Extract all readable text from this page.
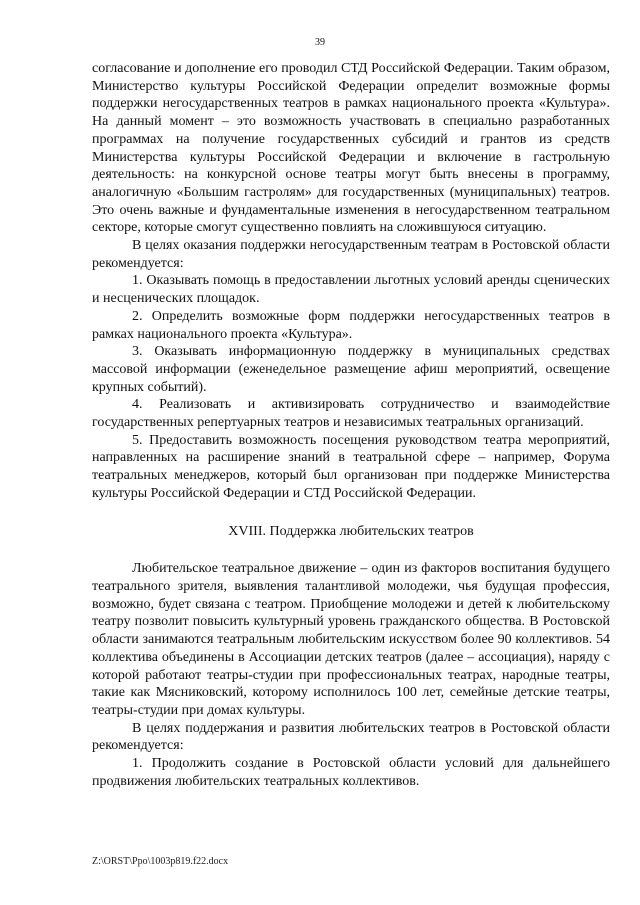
39

согласование и дополнение его проводил СТД Российской Федерации. Таким образом, Министерство культуры Российской Федерации определит возможные формы поддержки негосударственных театров в рамках национального проекта «Культура». На данный момент – это возможность участвовать в специально разработанных программах на получение государственных субсидий и грантов из средств Министерства культуры Российской Федерации и включение в гастрольную деятельность: на конкурсной основе театры могут быть внесены в программу, аналогичную «Большим гастролям» для государственных (муниципальных) театров. Это очень важные и фундаментальные изменения в негосударственном театральном секторе, которые смогут существенно повлиять на сложившуюся ситуацию.

В целях оказания поддержки негосударственным театрам в Ростовской области рекомендуется:

1. Оказывать помощь в предоставлении льготных условий аренды сценических и несценических площадок.

2. Определить возможные форм поддержки негосударственных театров в рамках национального проекта «Культура».

3. Оказывать информационную поддержку в муниципальных средствах массовой информации (еженедельное размещение афиш мероприятий, освещение крупных событий).

4. Реализовать и активизировать сотрудничество и взаимодействие государственных репертуарных театров и независимых театральных организаций.

5. Предоставить возможность посещения руководством театра мероприятий, направленных на расширение знаний в театральной сфере – например, Форума театральных менеджеров, который был организован при поддержке Министерства культуры Российской Федерации и СТД Российской Федерации.

XVIII. Поддержка любительских театров

Любительское театральное движение – один из факторов воспитания будущего театрального зрителя, выявления талантливой молодежи, чья будущая профессия, возможно, будет связана с театром. Приобщение молодежи и детей к любительскому театру позволит повысить культурный уровень гражданского общества. В Ростовской области занимаются театральным любительским искусством более 90 коллективов. 54 коллектива объединены в Ассоциации детских театров (далее – ассоциация), наряду с которой работают театры-студии при профессиональных театрах, народные театры, такие как Мясниковский, которому исполнилось 100 лет, семейные детские театры, театры-студии при домах культуры.

В целях поддержания и развития любительских театров в Ростовской области рекомендуется:

1. Продолжить создание в Ростовской области условий для дальнейшего продвижения любительских театральных коллективов.

Z:\ORST\Ppo\1003p819.f22.docx
